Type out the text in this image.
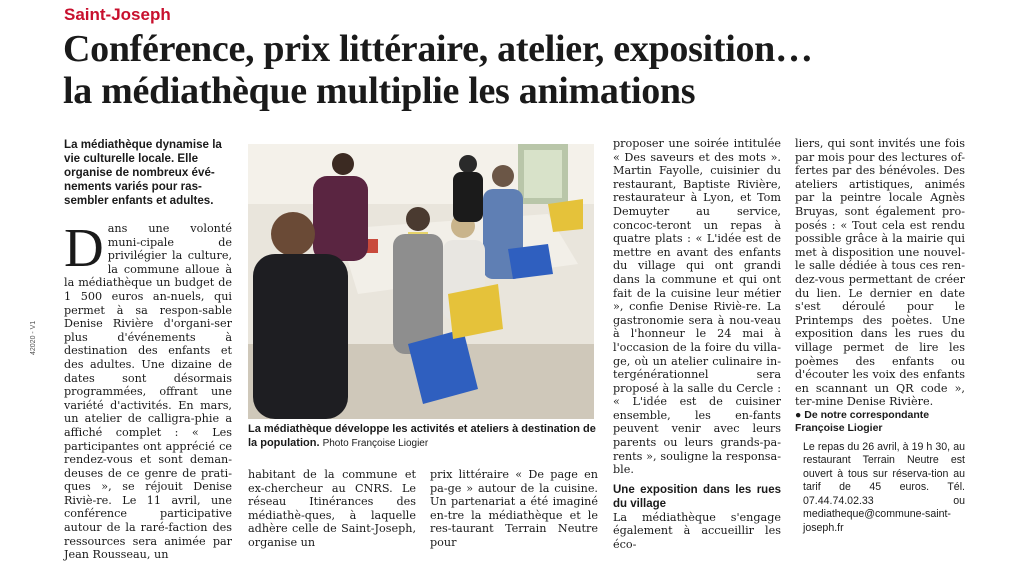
Saint-Joseph
Conférence, prix littéraire, atelier, exposition…
la médiathèque multiplie les animations
42020 - V1
La médiathèque dynamise la vie culturelle locale. Elle organise de nombreux évé-nements variés pour ras-sembler enfants et adultes.

Dans une volonté muni-cipale de privilégier la culture, la commune alloue à la médiathèque un budget de 1 500 euros an-nuels, qui permet à sa respon-sable Denise Rivière d'organi-ser plus d'événements à destination des enfants et des adultes. Une dizaine de dates sont désormais programmées, offrant une variété d'activités. En mars, un atelier de calligra-phie a affiché complet : « Les participantes ont apprécié ce rendez-vous et sont deman-deuses de ce genre de prati-ques », se réjouit Denise Riviè-re. Le 11 avril, une conférence participative autour de la raré-faction des ressources sera animée par Jean Rousseau, un

La médiathèque développe les activités et ateliers à destination de la population. Photo Françoise Liogier

habitant de la commune et ex-chercheur au CNRS. Le réseau Itinérances des médiathè-ques, à laquelle adhère celle de Saint-Joseph, organise un

prix littéraire « De page en pa-ge » autour de la cuisine. Un partenariat a été imaginé en-tre la médiathèque et le res-taurant Terrain Neutre pour

proposer une soirée intitulée « Des saveurs et des mots ». Martin Fayolle, cuisinier du restaurant, Baptiste Rivière, restaurateur à Lyon, et Tom Demuyter au service, concoc-teront un repas à quatre plats : « L'idée est de mettre en avant des enfants du village qui ont grandi dans la commune et qui ont fait de la cuisine leur métier », confie Denise Riviè-re. La gastronomie sera à nou-veau à l'honneur le 24 mai à l'occasion de la foire du villa-ge, où un atelier culinaire in-tergénérationnel sera proposé à la salle du Cercle : « L'idée est de cuisiner ensemble, les en-fants peuvent venir avec leurs parents ou leurs grands-pa-rents », souligne la responsa-ble.

Une exposition dans les rues du village

La médiathèque s'engage également à accueillir les éco-

liers, qui sont invités une fois par mois pour des lectures of-fertes par des bénévoles. Des ateliers artistiques, animés par la peintre locale Agnès Bruyas, sont également pro-posés : « Tout cela est rendu possible grâce à la mairie qui met à disposition une nouvel-le salle dédiée à tous ces ren-dez-vous permettant de créer du lien. Le dernier en date s'est déroulé pour le Printemps des poètes. Une exposition dans les rues du village permet de lire les poèmes des enfants ou d'écouter les voix des enfants en scannant un QR code », ter-mine Denise Rivière.

● De notre correspondante

Françoise Liogier

Le repas du 26 avril, à 19 h 30, au restaurant Terrain Neutre est ouvert à tous sur réserva-tion au tarif de 45 euros. Tél. 07.44.74.02.33 ou mediatheque@commune-saint-joseph.fr
